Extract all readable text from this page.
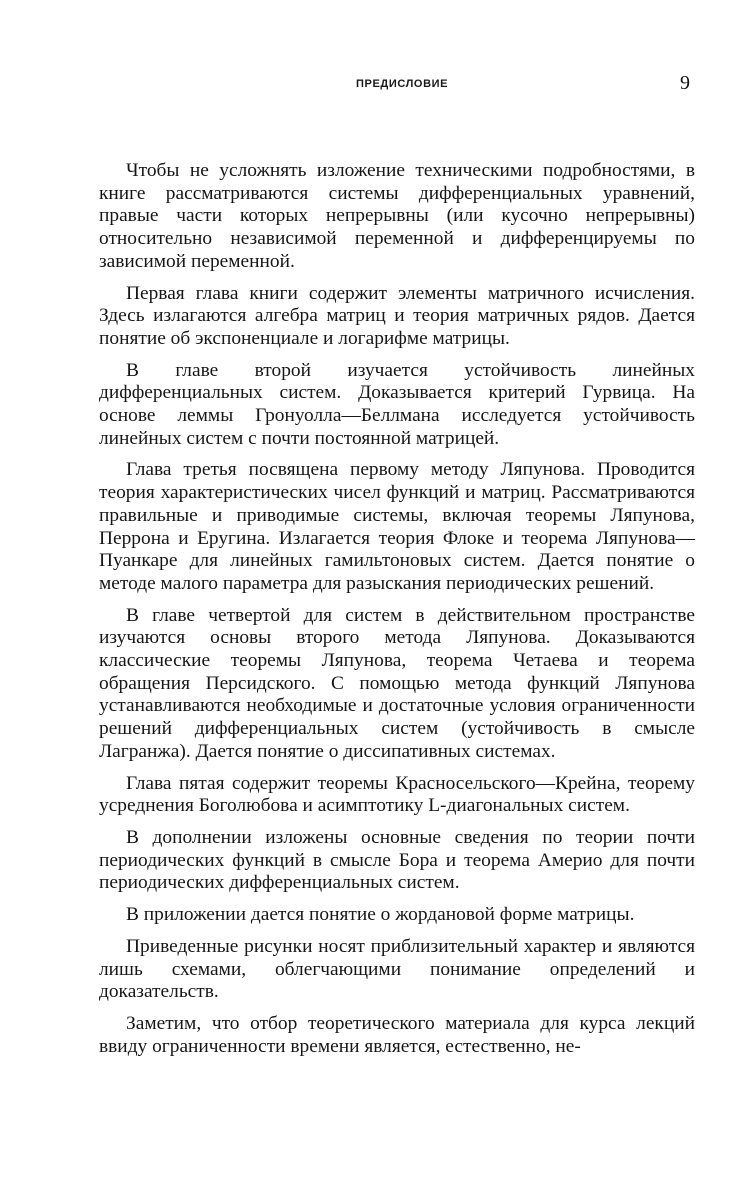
ПРЕДИСЛОВИЕ	9

Чтобы не усложнять изложение техническими подробностями, в книге рассматриваются системы дифференциальных уравнений, правые части которых непрерывны (или кусочно непрерывны) относительно независимой переменной и дифференцируемы по зависимой переменной.

Первая глава книги содержит элементы матричного исчисления. Здесь излагаются алгебра матриц и теория матричных рядов. Дается понятие об экспоненциале и логарифме матрицы.

В главе второй изучается устойчивость линейных дифференциальных систем. Доказывается критерий Гурвица. На основе леммы Гронуолла—Беллмана исследуется устойчивость линейных систем с почти постоянной матрицей.

Глава третья посвящена первому методу Ляпунова. Проводится теория характеристических чисел функций и матриц. Рассматриваются правильные и приводимые системы, включая теоремы Ляпунова, Перрона и Еругина. Излагается теория Флоке и теорема Ляпунова—Пуанкаре для линейных гамильтоновых систем. Дается понятие о методе малого параметра для разыскания периодических решений.

В главе четвертой для систем в действительном пространстве изучаются основы второго метода Ляпунова. Доказываются классические теоремы Ляпунова, теорема Четаева и теорема обращения Персидского. С помощью метода функций Ляпунова устанавливаются необходимые и достаточные условия ограниченности решений дифференциальных систем (устойчивость в смысле Лагранжа). Дается понятие о диссипативных системах.

Глава пятая содержит теоремы Красносельского—Крейна, теорему усреднения Боголюбова и асимптотику L-диагональных систем.

В дополнении изложены основные сведения по теории почти периодических функций в смысле Бора и теорема Америо для почти периодических дифференциальных систем.

В приложении дается понятие о жордановой форме матрицы.

Приведенные рисунки носят приблизительный характер и являются лишь схемами, облегчающими понимание определений и доказательств.

Заметим, что отбор теоретического материала для курса лекций ввиду ограниченности времени является, естественно, не-
